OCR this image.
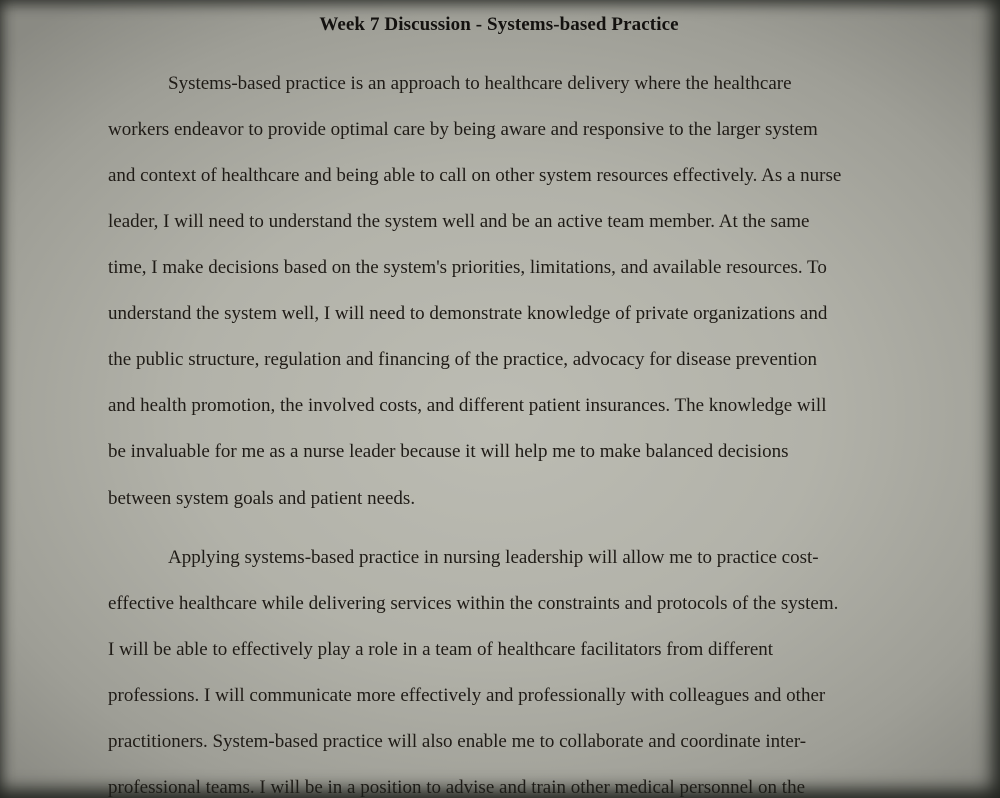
Week 7 Discussion - Systems-based Practice
Systems-based practice is an approach to healthcare delivery where the healthcare
workers endeavor to provide optimal care by being aware and responsive to the larger system
and context of healthcare and being able to call on other system resources effectively. As a nurse
leader, I will need to understand the system well and be an active team member. At the same
time, I make decisions based on the system's priorities, limitations, and available resources. To
understand the system well, I will need to demonstrate knowledge of private organizations and
the public structure, regulation and financing of the practice, advocacy for disease prevention
and health promotion, the involved costs, and different patient insurances. The knowledge will
be invaluable for me as a nurse leader because it will help me to make balanced decisions
between system goals and patient needs.
Applying systems-based practice in nursing leadership will allow me to practice cost-
effective healthcare while delivering services within the constraints and protocols of the system.
I will be able to effectively play a role in a team of healthcare facilitators from different
professions. I will communicate more effectively and professionally with colleagues and other
practitioners. System-based practice will also enable me to collaborate and coordinate inter-
professional teams. I will be in a position to advise and train other medical personnel on the
